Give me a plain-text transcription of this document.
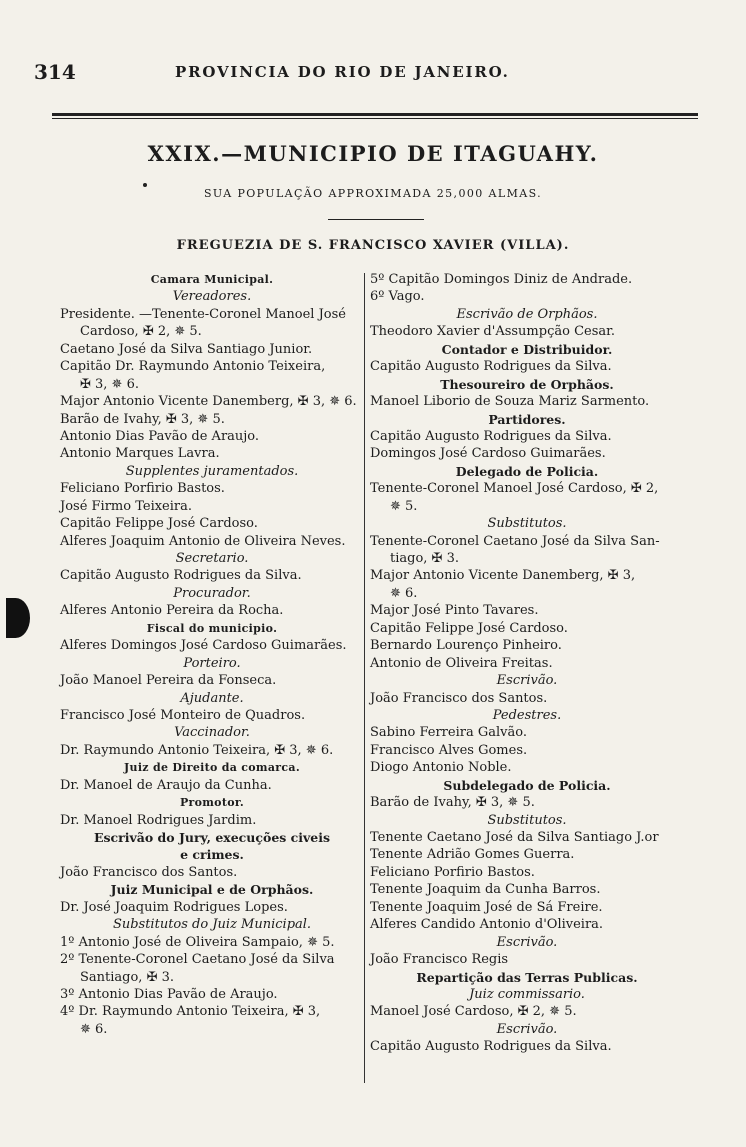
314	PROVINCIA DO RIO DE JANEIRO.
XXIX.—MUNICIPIO DE ITAGUAHY.
SUA POPULAÇÃO APPROXIMADA 25,000 ALMAS.
FREGUEZIA DE S. FRANCISCO XAVIER (VILLA).
Camara Municipal.
Vereadores.
Presidente. —Tenente-Coronel Manoel José
Cardoso, ✠ 2, ✵ 5.
Caetano José da Silva Santiago Junior.
Capitão Dr. Raymundo Antonio Teixeira,
✠ 3, ✵ 6.
Major Antonio Vicente Danemberg, ✠ 3, ✵ 6.
Barão de Ivahy, ✠ 3, ✵ 5.
Antonio Dias Pavão de Araujo.
Antonio Marques Lavra.
Supplentes juramentados.
Feliciano Porfirio Bastos.
José Firmo Teixeira.
Capitão Felippe José Cardoso.
Alferes Joaquim Antonio de Oliveira Neves.
Secretario.
Capitão Augusto Rodrigues da Silva.
Procurador.
Alferes Antonio Pereira da Rocha.
Fiscal do municipio.
Alferes Domingos José Cardoso Guimarães.
Porteiro.
João Manoel Pereira da Fonseca.
Ajudante.
Francisco José Monteiro de Quadros.
Vaccinador.
Dr. Raymundo Antonio Teixeira, ✠ 3, ✵ 6.
Juiz de Direito da comarca.
Dr. Manoel de Araujo da Cunha.
Promotor.
Dr. Manoel Rodrigues Jardim.
Escrivão do Jury, execuções civeis
e crimes.
João Francisco dos Santos.
Juiz Municipal e de Orphãos.
Dr. José Joaquim Rodrigues Lopes.
Substitutos do Juiz Municipal.
1º Antonio José de Oliveira Sampaio, ✵ 5.
2º Tenente-Coronel Caetano José da Silva
Santiago, ✠ 3.
3º Antonio Dias Pavão de Araujo.
4º Dr. Raymundo Antonio Teixeira, ✠ 3,
✵ 6.
5º Capitão Domingos Diniz de Andrade.
6º Vago.
Escrivão de Orphãos.
Theodoro Xavier d'Assumpção Cesar.
Contador e Distribuidor.
Capitão Augusto Rodrigues da Silva.
Thesoureiro de Orphãos.
Manoel Liborio de Souza Mariz Sarmento.
Partidores.
Capitão Augusto Rodrigues da Silva.
Domingos José Cardoso Guimarães.
Delegado de Policia.
Tenente-Coronel Manoel José Cardoso, ✠ 2,
✵ 5.
Substitutos.
Tenente-Coronel Caetano José da Silva San-
tiago, ✠ 3.
Major Antonio Vicente Danemberg, ✠ 3,
✵ 6.
Major José Pinto Tavares.
Capitão Felippe José Cardoso.
Bernardo Lourenço Pinheiro.
Antonio de Oliveira Freitas.
Escrivão.
João Francisco dos Santos.
Pedestres.
Sabino Ferreira Galvão.
Francisco Alves Gomes.
Diogo Antonio Noble.
Subdelegado de Policia.
Barão de Ivahy, ✠ 3, ✵ 5.
Substitutos.
Tenente Caetano José da Silva Santiago J.or
Tenente Adrião Gomes Guerra.
Feliciano Porfirio Bastos.
Tenente Joaquim da Cunha Barros.
Tenente Joaquim José de Sá Freire.
Alferes Candido Antonio d'Oliveira.
Escrivão.
João Francisco Regis
Repartição das Terras Publicas.
Juiz commissario.
Manoel José Cardoso, ✠ 2, ✵ 5.
Escrivão.
Capitão Augusto Rodrigues da Silva.
